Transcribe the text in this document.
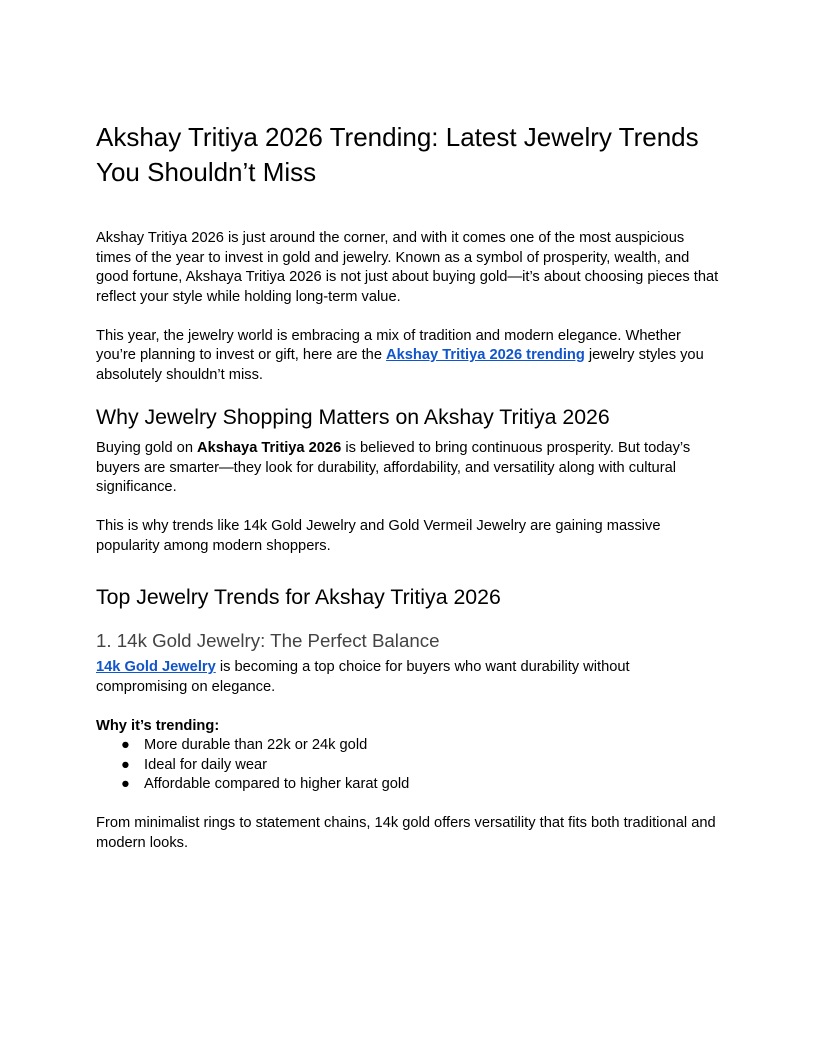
Akshay Tritiya 2026 Trending: Latest Jewelry Trends You Shouldn’t Miss

Akshay Tritiya 2026 is just around the corner, and with it comes one of the most auspicious times of the year to invest in gold and jewelry. Known as a symbol of prosperity, wealth, and good fortune, Akshaya Tritiya 2026 is not just about buying gold—it’s about choosing pieces that reflect your style while holding long-term value.

This year, the jewelry world is embracing a mix of tradition and modern elegance. Whether you’re planning to invest or gift, here are the Akshay Tritiya 2026 trending jewelry styles you absolutely shouldn’t miss.

Why Jewelry Shopping Matters on Akshay Tritiya 2026

Buying gold on Akshaya Tritiya 2026 is believed to bring continuous prosperity. But today’s buyers are smarter—they look for durability, affordability, and versatility along with cultural significance.

This is why trends like 14k Gold Jewelry and Gold Vermeil Jewelry are gaining massive popularity among modern shoppers.

Top Jewelry Trends for Akshay Tritiya 2026
1. 14k Gold Jewelry: The Perfect Balance

14k Gold Jewelry is becoming a top choice for buyers who want durability without compromising on elegance.

Why it’s trending:

● More durable than 22k or 24k gold
● Ideal for daily wear
● Affordable compared to higher karat gold

From minimalist rings to statement chains, 14k gold offers versatility that fits both traditional and modern looks.
